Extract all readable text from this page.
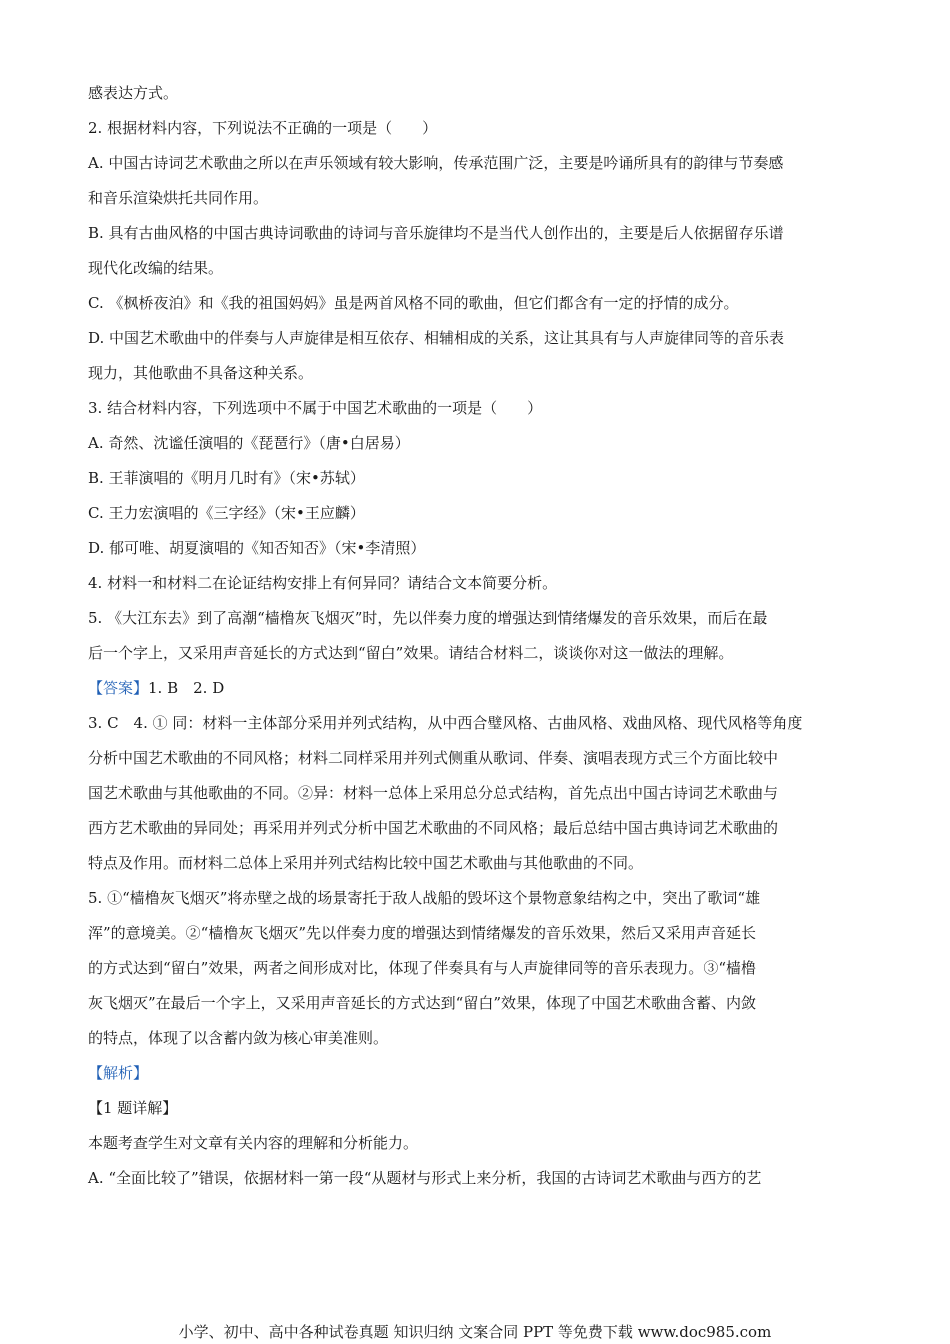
感表达方式。
2. 根据材料内容，下列说法不正确的一项是（　　）
A. 中国古诗词艺术歌曲之所以在声乐领域有较大影响，传承范围广泛，主要是吟诵所具有的韵律与节奏感
和音乐渲染烘托共同作用。
B. 具有古曲风格的中国古典诗词歌曲的诗词与音乐旋律均不是当代人创作出的，主要是后人依据留存乐谱
现代化改编的结果。
C. 《枫桥夜泊》和《我的祖国妈妈》虽是两首风格不同的歌曲，但它们都含有一定的抒情的成分。
D. 中国艺术歌曲中的伴奏与人声旋律是相互依存、相辅相成的关系，这让其具有与人声旋律同等的音乐表
现力，其他歌曲不具备这种关系。
3. 结合材料内容，下列选项中不属于中国艺术歌曲的一项是（　　）
A. 奇然、沈谧任演唱的《琵琶行》（唐•白居易）
B. 王菲演唱的《明月几时有》（宋•苏轼）
C. 王力宏演唱的《三字经》（宋•王应麟）
D. 郁可唯、胡夏演唱的《知否知否》（宋•李清照）
4. 材料一和材料二在论证结构安排上有何异同？请结合文本简要分析。
5. 《大江东去》到了高潮“樯橹灰飞烟灭”时，先以伴奏力度的增强达到情绪爆发的音乐效果，而后在最
后一个字上，又采用声音延长的方式达到“留白”效果。请结合材料二，谈谈你对这一做法的理解。
【答案】1. B　2. D
3. C　4. ① 同：材料一主体部分采用并列式结构，从中西合璧风格、古曲风格、戏曲风格、现代风格等角度
分析中国艺术歌曲的不同风格；材料二同样采用并列式侧重从歌词、伴奏、演唱表现方式三个方面比较中
国艺术歌曲与其他歌曲的不同。②异：材料一总体上采用总分总式结构，首先点出中国古诗词艺术歌曲与
西方艺术歌曲的异同处；再采用并列式分析中国艺术歌曲的不同风格；最后总结中国古典诗词艺术歌曲的
特点及作用。而材料二总体上采用并列式结构比较中国艺术歌曲与其他歌曲的不同。
5. ①“樯橹灰飞烟灭”将赤壁之战的场景寄托于敌人战船的毁坏这个景物意象结构之中，突出了歌词“雄
浑”的意境美。②“樯橹灰飞烟灭”先以伴奏力度的增强达到情绪爆发的音乐效果，然后又采用声音延长
的方式达到“留白”效果，两者之间形成对比，体现了伴奏具有与人声旋律同等的音乐表现力。③“樯橹
灰飞烟灭”在最后一个字上，又采用声音延长的方式达到“留白”效果，体现了中国艺术歌曲含蓄、内敛
的特点，体现了以含蓄内敛为核心审美准则。
【解析】
【1 题详解】
本题考查学生对文章有关内容的理解和分析能力。
A. “全面比较了”错误，依据材料一第一段“从题材与形式上来分析，我国的古诗词艺术歌曲与西方的艺
小学、初中、高中各种试卷真题 知识归纳 文案合同 PPT 等免费下载 www.doc985.com
